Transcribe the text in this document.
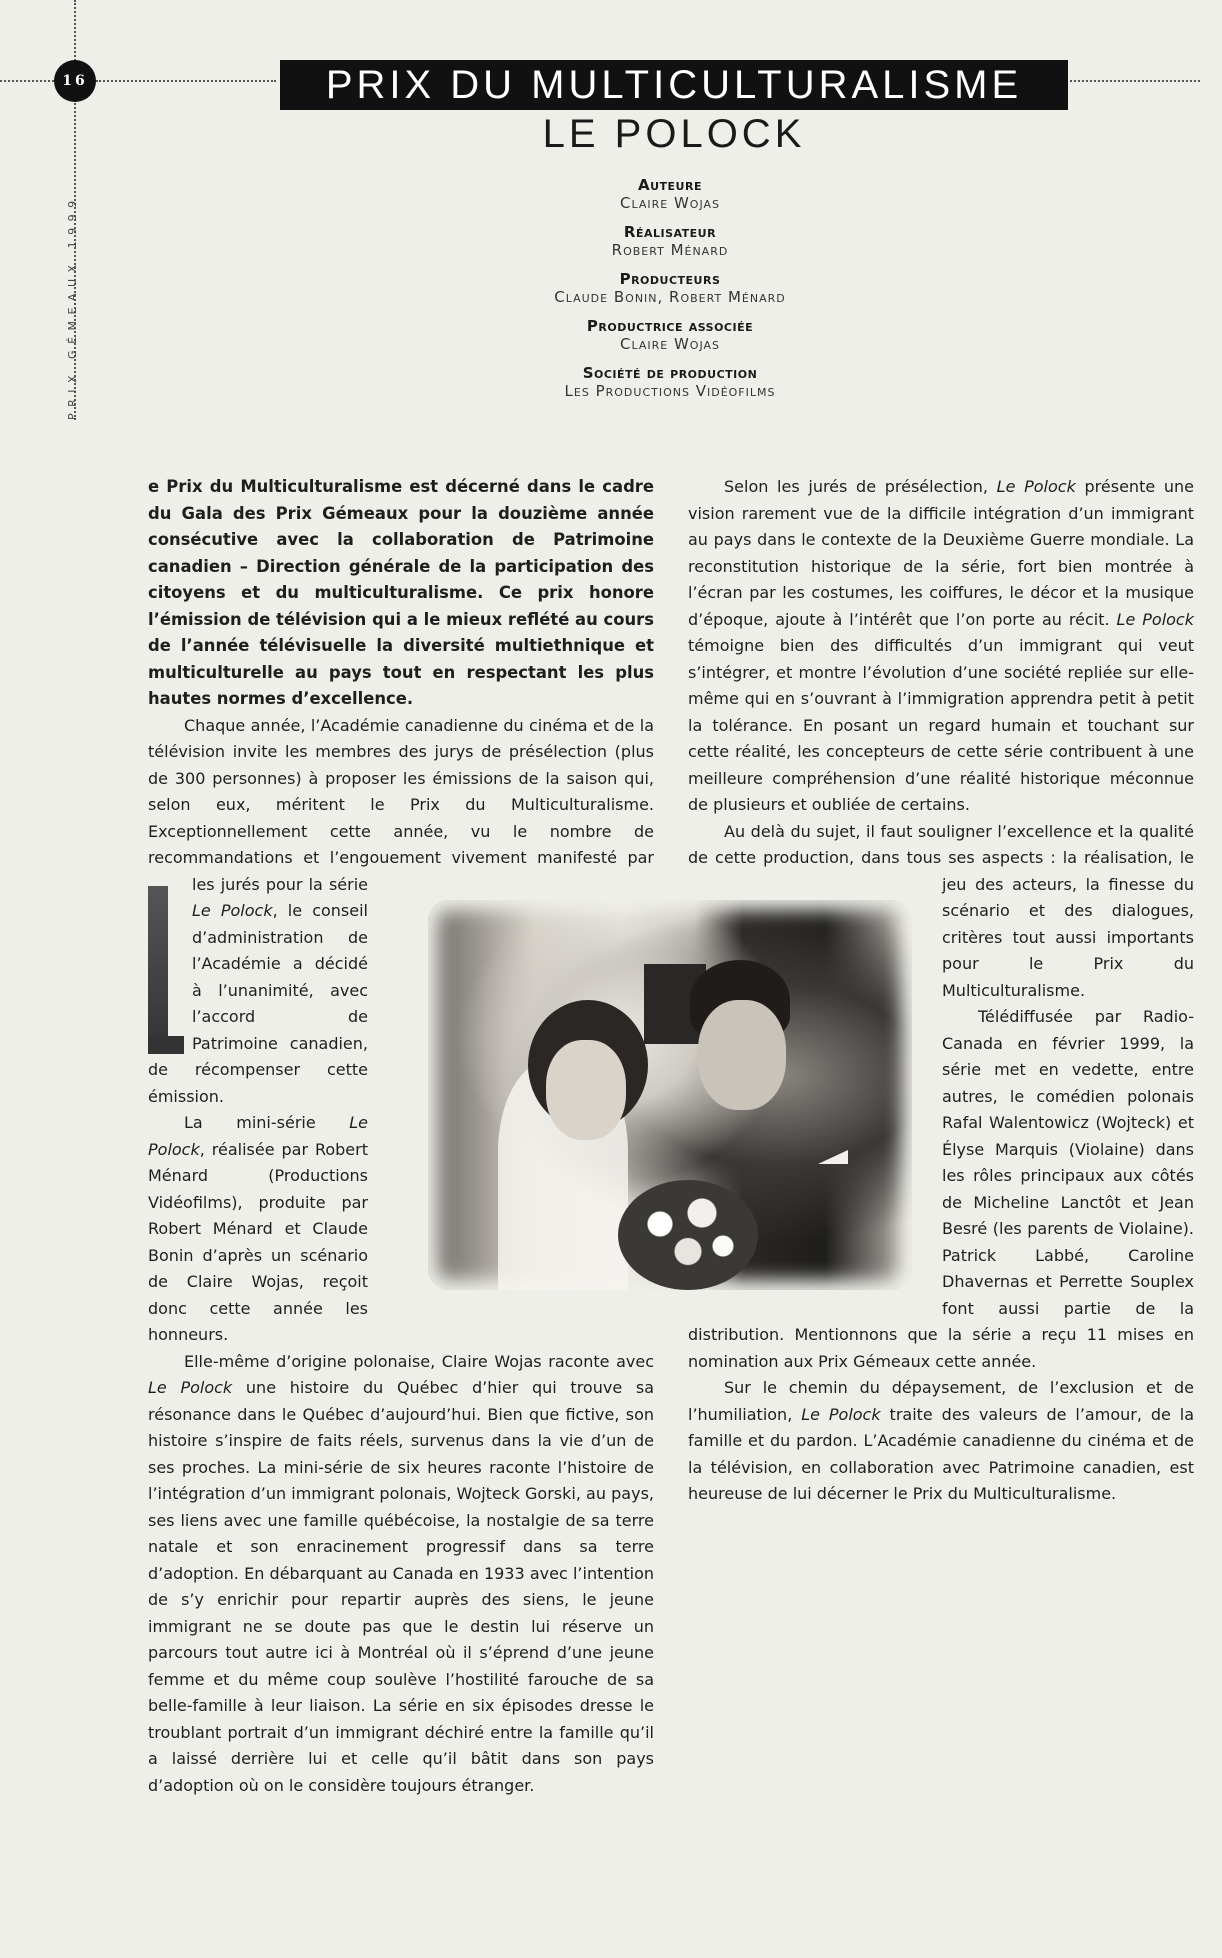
16
PRIX GÉMEAUX 1999
PRIX DU MULTICULTURALISME
LE POLOCK
Auteure
Claire Wojas
Réalisateur
Robert Ménard
Producteurs
Claude Bonin, Robert Ménard
Productrice associée
Claire Wojas
Société de production
Les Productions Vidéofilms

e Prix du Multiculturalisme est décerné dans le cadre du Gala des Prix Gémeaux pour la douzième année consécutive avec la collaboration de Patrimoine canadien – Direction générale de la participation des citoyens et du multiculturalisme. Ce prix honore l’émission de télévision qui a le mieux reflété au cours de l’année télévisuelle la diversité multiethnique et multiculturelle au pays tout en respectant les plus hautes normes d’excellence.

Chaque année, l’Académie canadienne du cinéma et de la télévision invite les membres des jurys de présélection (plus de 300 personnes) à proposer les émissions de la saison qui, selon eux, méritent le Prix du Multiculturalisme. Exceptionnellement cette année, vu le nombre de recommandations et l’engouement vivement manifesté par les jurés pour la série Le Polock, le conseil d’administration de l’Académie a décidé à l’unanimité, avec l’accord de Patrimoine canadien, de récompenser cette émission.

La mini-série Le Polock, réalisée par Robert Ménard (Productions Vidéofilms), produite par Robert Ménard et Claude Bonin d’après un scénario de Claire Wojas, reçoit donc cette année les honneurs.

Elle-même d’origine polonaise, Claire Wojas raconte avec Le Polock une histoire du Québec d’hier qui trouve sa résonance dans le Québec d’aujourd’hui. Bien que fictive, son histoire s’inspire de faits réels, survenus dans la vie d’un de ses proches. La mini-série de six heures raconte l’histoire de l’intégration d’un immigrant polonais, Wojteck Gorski, au pays, ses liens avec une famille québécoise, la nostalgie de sa terre natale et son enracinement progressif dans sa terre d’adoption. En débarquant au Canada en 1933 avec l’intention de s’y enrichir pour repartir auprès des siens, le jeune immigrant ne se doute pas que le destin lui réserve un parcours tout autre ici à Montréal où il s’éprend d’une jeune femme et du même coup soulève l’hostilité farouche de sa belle-famille à leur liaison. La série en six épisodes dresse le troublant portrait d’un immigrant déchiré entre la famille qu’il a laissé derrière lui et celle qu’il bâtit dans son pays d’adoption où on le considère toujours étranger.

Selon les jurés de présélection, Le Polock présente une vision rarement vue de la difficile intégration d’un immigrant au pays dans le contexte de la Deuxième Guerre mondiale. La reconstitution historique de la série, fort bien montrée à l’écran par les costumes, les coiffures, le décor et la musique d’époque, ajoute à l’intérêt que l’on porte au récit. Le Polock témoigne bien des difficultés d’un immigrant qui veut s’intégrer, et montre l’évolution d’une société repliée sur elle-même qui en s’ouvrant à l’immigration apprendra petit à petit la tolérance. En posant un regard humain et touchant sur cette réalité, les concepteurs de cette série contribuent à une meilleure compréhension d’une réalité historique méconnue de plusieurs et oubliée de certains.

Au delà du sujet, il faut souligner l’excellence et la qualité de cette production, dans tous ses aspects : la réalisation, le jeu des acteurs, la finesse du scénario et des dialogues, critères tout aussi importants pour le Prix du Multiculturalisme.

Télédiffusée par Radio-Canada en février 1999, la série met en vedette, entre autres, le comédien polonais Rafal Walentowicz (Wojteck) et Élyse Marquis (Violaine) dans les rôles principaux aux côtés de Micheline Lanctôt et Jean Besré (les parents de Violaine). Patrick Labbé, Caroline Dhavernas et Perrette Souplex font aussi partie de la distribution. Mentionnons que la série a reçu 11 mises en nomination aux Prix Gémeaux cette année.

Sur le chemin du dépaysement, de l’exclusion et de l’humiliation, Le Polock traite des valeurs de l’amour, de la famille et du pardon. L’Académie canadienne du cinéma et de la télévision, en collaboration avec Patrimoine canadien, est heureuse de lui décerner le Prix du Multiculturalisme.
